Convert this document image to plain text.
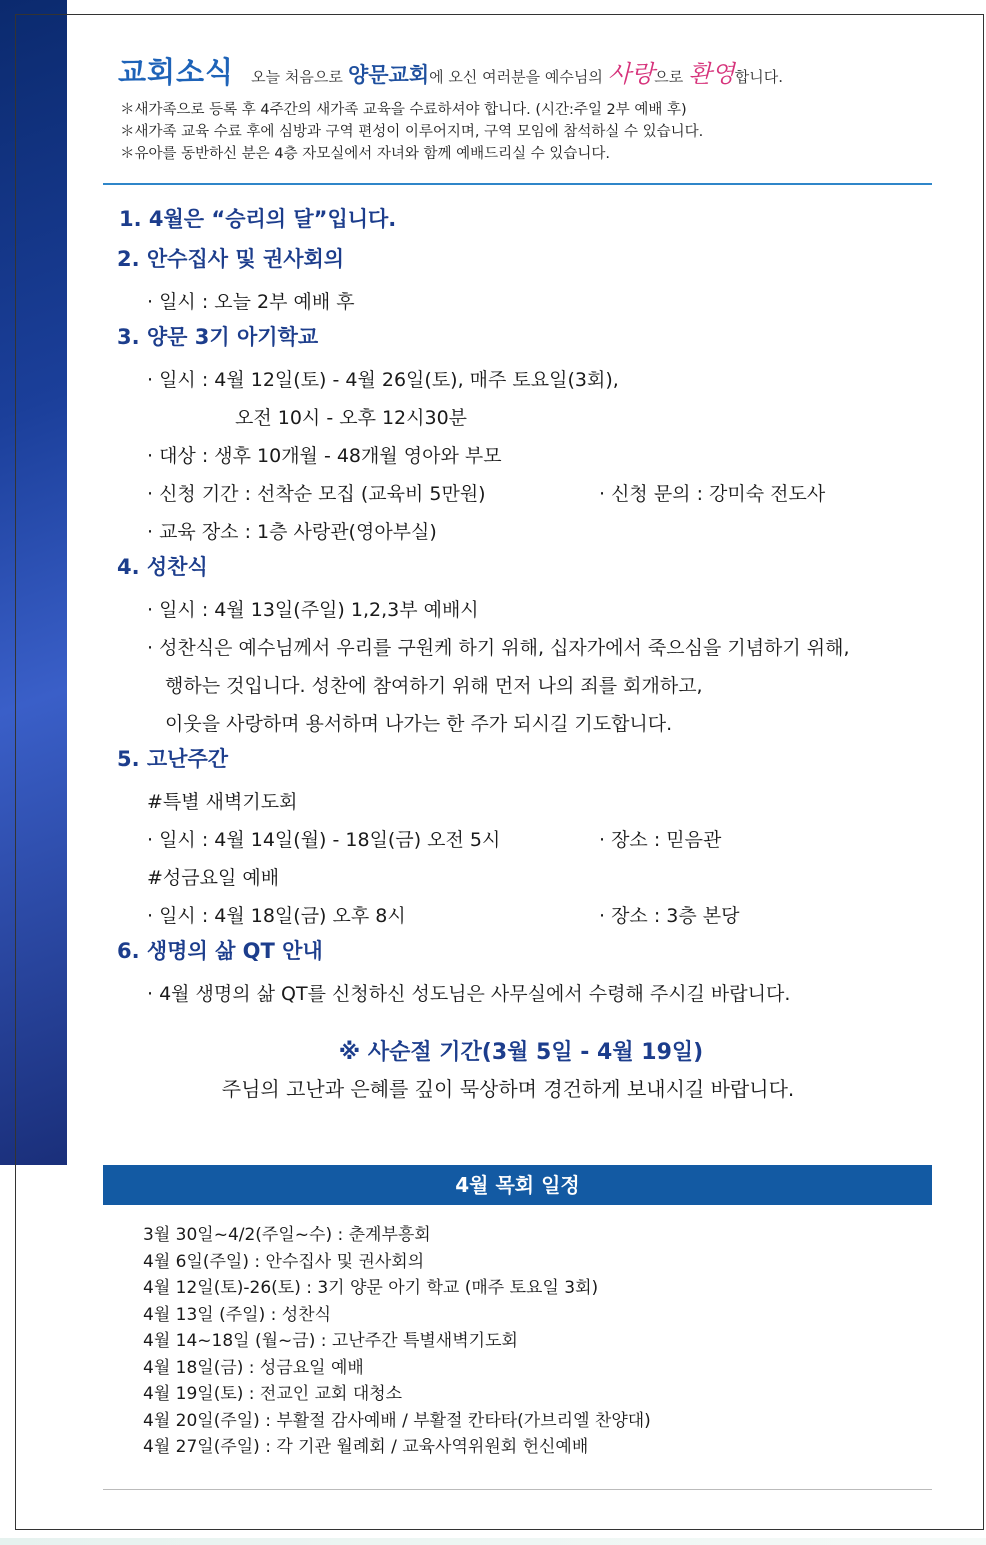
교회소식 오늘 처음으로 양문교회에 오신 여러분을 예수님의 사랑으로 환영합니다.
＊새가족으로 등록 후 4주간의 새가족 교육을 수료하셔야 합니다. (시간:주일 2부 예배 후)
＊새가족 교육 수료 후에 심방과 구역 편성이 이루어지며, 구역 모임에 참석하실 수 있습니다.
＊유아를 동반하신 분은 4층 자모실에서 자녀와 함께 예배드리실 수 있습니다.
1. 4월은 “승리의 달”입니다.
2. 안수집사 및 권사회의
· 일시 : 오늘 2부 예배 후
3. 양문 3기 아기학교
· 일시 : 4월 12일(토) - 4월 26일(토), 매주 토요일(3회),
오전 10시 - 오후 12시30분
· 대상 : 생후 10개월 - 48개월 영아와 부모
· 신청 기간 : 선착순 모집 (교육비 5만원)	· 신청 문의 : 강미숙 전도사
· 교육 장소 : 1층 사랑관(영아부실)
4. 성찬식
· 일시 : 4월 13일(주일) 1,2,3부 예배시
· 성찬식은 예수님께서 우리를 구원케 하기 위해, 십자가에서 죽으심을 기념하기 위해,
행하는 것입니다. 성찬에 참여하기 위해 먼저 나의 죄를 회개하고,
이웃을 사랑하며 용서하며 나가는 한 주가 되시길 기도합니다.
5. 고난주간
#특별 새벽기도회
· 일시 : 4월 14일(월) - 18일(금) 오전 5시	· 장소 : 믿음관
#성금요일 예배
· 일시 : 4월 18일(금) 오후 8시	· 장소 : 3층 본당
6. 생명의 삶 QT 안내
· 4월 생명의 삶 QT를 신청하신 성도님은 사무실에서 수령해 주시길 바랍니다.
※ 사순절 기간(3월 5일 - 4월 19일)
주님의 고난과 은혜를 깊이 묵상하며 경건하게 보내시길 바랍니다.
4월 목회 일정
3월 30일~4/2(주일~수) : 춘계부흥회
4월 6일(주일) : 안수집사 및 권사회의
4월 12일(토)-26(토) : 3기 양문 아기 학교 (매주 토요일 3회)
4월 13일 (주일) : 성찬식
4월 14~18일 (월~금) : 고난주간 특별새벽기도회
4월 18일(금) : 성금요일 예배
4월 19일(토) : 전교인 교회 대청소
4월 20일(주일) : 부활절 감사예배 / 부활절 칸타타(가브리엘 찬양대)
4월 27일(주일) : 각 기관 월례회 / 교육사역위원회 헌신예배
